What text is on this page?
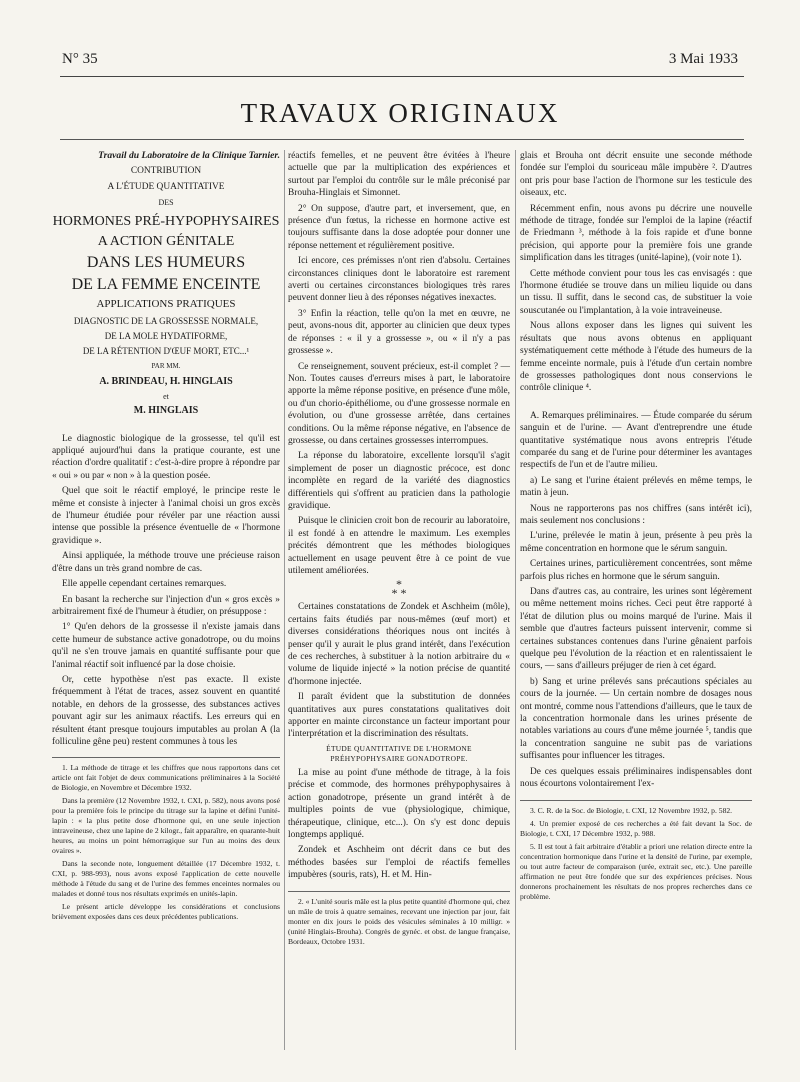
N° 35	3 Mai 1933
TRAVAUX ORIGINAUX

Travail du Laboratoire de la Clinique Tarnier.

CONTRIBUTION

A L'ÉTUDE QUANTITATIVE

DES

HORMONES PRÉ-HYPOPHYSAIRES

A ACTION GÉNITALE

DANS LES HUMEURS

DE LA FEMME ENCEINTE

APPLICATIONS PRATIQUES

DIAGNOSTIC DE LA GROSSESSE NORMALE,

DE LA MOLE HYDATIFORME,

DE LA RÉTENTION D'ŒUF MORT, ETC...¹

PAR MM.

A. BRINDEAU, H. HINGLAIS

et

M. HINGLAIS

Le diagnostic biologique de la grossesse, tel qu'il est appliqué aujourd'hui dans la pratique courante, est une réaction d'ordre qualitatif : c'est-à-dire propre à répondre par « oui » ou par « non » à la question posée.

Quel que soit le réactif employé, le principe reste le même et consiste à injecter à l'animal choisi un gros excès de l'humeur étudiée pour révéler par une réaction aussi intense que possible la présence éventuelle de « l'hormone gravidique ».

Ainsi appliquée, la méthode trouve une précieuse raison d'être dans un très grand nombre de cas.

Elle appelle cependant certaines remarques.

En basant la recherche sur l'injection d'un « gros excès » arbitrairement fixé de l'humeur à étudier, on présuppose :

1° Qu'en dehors de la grossesse il n'existe jamais dans cette humeur de substance active gonadotrope, ou du moins qu'il ne s'en trouve jamais en quantité suffisante pour que l'animal réactif soit influencé par la dose choisie.

Or, cette hypothèse n'est pas exacte. Il existe fréquemment à l'état de traces, assez souvent en quantité notable, en dehors de la grossesse, des substances actives pouvant agir sur les animaux réactifs. Les erreurs qui en résultent étant presque toujours imputables au prolan A (la folliculine gêne peu) restent communes à tous les

1. La méthode de titrage et les chiffres que nous rapportons dans cet article ont fait l'objet de deux communications préliminaires à la Société de Biologie, en Novembre et Décembre 1932.

Dans la première (12 Novembre 1932, t. CXI, p. 582), nous avons posé pour la première fois le principe du titrage sur la lapine et défini l'unité-lapin : « la plus petite dose d'hormone qui, en une seule injection intraveineuse, chez une lapine de 2 kilogr., fait apparaître, en quarante-huit heures, au moins un point hémorragique sur l'un au moins des deux ovaires ».

Dans la seconde note, longuement détaillée (17 Décembre 1932, t. CXI, p. 988-993), nous avons exposé l'application de cette nouvelle méthode à l'étude du sang et de l'urine des femmes enceintes normales ou malades et donné tous nos résultats exprimés en unités-lapin.

Le présent article développe les considérations et conclusions brièvement exposées dans ces deux précédentes publications.

réactifs femelles, et ne peuvent être évitées à l'heure actuelle que par la multiplication des expériences et surtout par l'emploi du contrôle sur le mâle préconisé par Brouha-Hinglais et Simonnet.

2° On suppose, d'autre part, et inversement, que, en présence d'un fœtus, la richesse en hormone active est toujours suffisante dans la dose adoptée pour donner une réponse nettement et régulièrement positive.

Ici encore, ces prémisses n'ont rien d'absolu. Certaines circonstances cliniques dont le laboratoire est rarement averti ou certaines circonstances biologiques très rares peuvent donner lieu à des réponses négatives inexactes.

3° Enfin la réaction, telle qu'on la met en œuvre, ne peut, avons-nous dit, apporter au clinicien que deux types de réponses : « il y a grossesse », ou « il n'y a pas grossesse ».

Ce renseignement, souvent précieux, est-il complet ? — Non. Toutes causes d'erreurs mises à part, le laboratoire apporte la même réponse positive, en présence d'une môle, ou d'un chorio-épithéliome, ou d'une grossesse normale en évolution, ou d'une grossesse arrêtée, dans certaines conditions. Ou la même réponse négative, en l'absence de grossesse, ou dans certaines grossesses interrompues.

La réponse du laboratoire, excellente lorsqu'il s'agit simplement de poser un diagnostic précoce, est donc incomplète en regard de la variété des diagnostics différentiels qui s'offrent au praticien dans la pathologie gravidique.

Puisque le clinicien croit bon de recourir au laboratoire, il est fondé à en attendre le maximum. Les exemples précités démontrent que les méthodes biologiques actuellement en usage peuvent être à ce point de vue utilement améliorées.

*
* *

Certaines constatations de Zondek et Aschheim (môle), certains faits étudiés par nous-mêmes (œuf mort) et diverses considérations théoriques nous ont incités à penser qu'il y aurait le plus grand intérêt, dans l'exécution de ces recherches, à substituer à la notion arbitraire du « volume de liquide injecté » la notion précise de quantité d'hormone injectée.

Il paraît évident que la substitution de données quantitatives aux pures constatations qualitatives doit apporter en mainte circonstance un facteur important pour l'interprétation et la discrimination des résultats.

ÉTUDE QUANTITATIVE DE L'HORMONE PRÉHYPOPHYSAIRE GONADOTROPE.

La mise au point d'une méthode de titrage, à la fois précise et commode, des hormones préhypophysaires à action gonadotrope, présente un grand intérêt à de multiples points de vue (physiologique, chimique, thérapeutique, clinique, etc...). On s'y est donc depuis longtemps appliqué.

Zondek et Aschheim ont décrit dans ce but des méthodes basées sur l'emploi de réactifs femelles impubères (souris, rats), H. et M. Hin-

2. « L'unité souris mâle est la plus petite quantité d'hormone qui, chez un mâle de trois à quatre semaines, recevant une injection par jour, fait monter en dix jours le poids des vésicules séminales à 10 milligr. » (unité Hinglais-Brouha). Congrès de gynéc. et obst. de langue française, Bordeaux, Octobre 1931.

glais et Brouha ont décrit ensuite une seconde méthode fondée sur l'emploi du souriceau mâle impubère ². D'autres ont pris pour base l'action de l'hormone sur les testicule des oiseaux, etc.

Récemment enfin, nous avons pu décrire une nouvelle méthode de titrage, fondée sur l'emploi de la lapine (réactif de Friedmann ³, méthode à la fois rapide et d'une bonne précision, qui apporte pour la première fois une grande simplification dans les titrages (unité-lapine), (voir note 1).

Cette méthode convient pour tous les cas envisagés : que l'hormone étudiée se trouve dans un milieu liquide ou dans un tissu. Il suffit, dans le second cas, de substituer la voie souscutanée ou l'implantation, à la voie intraveineuse.

Nous allons exposer dans les lignes qui suivent les résultats que nous avons obtenus en appliquant systématiquement cette méthode à l'étude des humeurs de la femme enceinte normale, puis à l'étude d'un certain nombre de grossesses pathologiques dont nous conservions le contrôle clinique ⁴.

A. Remarques préliminaires. — Étude comparée du sérum sanguin et de l'urine. — Avant d'entreprendre une étude quantitative systématique nous avons entrepris l'étude comparée du sang et de l'urine pour déterminer les avantages respectifs de l'un et de l'autre milieu.

a) Le sang et l'urine étaient prélevés en même temps, le matin à jeun.

Nous ne rapporterons pas nos chiffres (sans intérêt ici), mais seulement nos conclusions :

L'urine, prélevée le matin à jeun, présente à peu près la même concentration en hormone que le sérum sanguin.

Certaines urines, particulièrement concentrées, sont même parfois plus riches en hormone que le sérum sanguin.

Dans d'autres cas, au contraire, les urines sont légèrement ou même nettement moins riches. Ceci peut être rapporté à l'état de dilution plus ou moins marqué de l'urine. Mais il semble que d'autres facteurs puissent intervenir, comme si certaines substances contenues dans l'urine gênaient parfois quelque peu l'évolution de la réaction et en ralentissaient le cours, — sans d'ailleurs préjuger de rien à cet égard.

b) Sang et urine prélevés sans précautions spéciales au cours de la journée. — Un certain nombre de dosages nous ont montré, comme nous l'attendions d'ailleurs, que le taux de la concentration hormonale dans les urines présente de notables variations au cours d'une même journée ⁵, tandis que la concentration sanguine ne subit pas de variations suffisantes pour influencer les titrages.

De ces quelques essais préliminaires indispensables dont nous écourtons volontairement l'ex-

3. C. R. de la Soc. de Biologie, t. CXI, 12 Novembre 1932, p. 582.

4. Un premier exposé de ces recherches a été fait devant la Soc. de Biologie, t. CXI, 17 Décembre 1932, p. 988.

5. Il est tout à fait arbitraire d'établir a priori une relation directe entre la concentration hormonique dans l'urine et la densité de l'urine, par exemple, ou tout autre facteur de comparaison (urée, extrait sec, etc.). Une pareille affirmation ne peut être fondée que sur des expériences précises. Nous donnerons prochainement les résultats de nos propres recherches dans ce problème.
